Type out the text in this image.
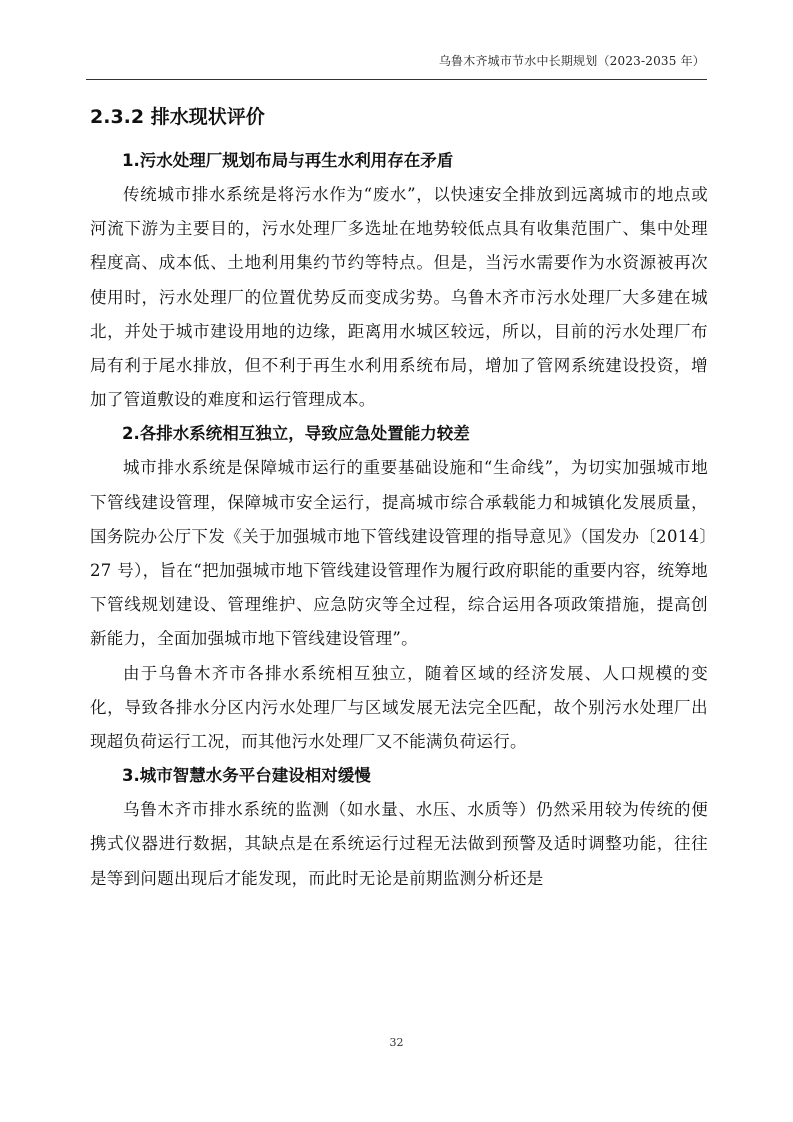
乌鲁木齐城市节水中长期规划（2023-2035 年）
2.3.2 排水现状评价
1.污水处理厂规划布局与再生水利用存在矛盾

传统城市排水系统是将污水作为“废水”，以快速安全排放到远离城市的地点或河流下游为主要目的，污水处理厂多选址在地势较低点具有收集范围广、集中处理程度高、成本低、土地利用集约节约等特点。但是，当污水需要作为水资源被再次使用时，污水处理厂的位置优势反而变成劣势。乌鲁木齐市污水处理厂大多建在城北，并处于城市建设用地的边缘，距离用水城区较远，所以，目前的污水处理厂布局有利于尾水排放，但不利于再生水利用系统布局，增加了管网系统建设投资，增加了管道敷设的难度和运行管理成本。

2.各排水系统相互独立，导致应急处置能力较差

城市排水系统是保障城市运行的重要基础设施和“生命线”，为切实加强城市地下管线建设管理，保障城市安全运行，提高城市综合承载能力和城镇化发展质量，国务院办公厅下发《关于加强城市地下管线建设管理的指导意见》（国发办〔2014〕27 号），旨在“把加强城市地下管线建设管理作为履行政府职能的重要内容，统筹地下管线规划建设、管理维护、应急防灾等全过程，综合运用各项政策措施，提高创新能力，全面加强城市地下管线建设管理”。

由于乌鲁木齐市各排水系统相互独立，随着区域的经济发展、人口规模的变化，导致各排水分区内污水处理厂与区域发展无法完全匹配，故个别污水处理厂出现超负荷运行工况，而其他污水处理厂又不能满负荷运行。

3.城市智慧水务平台建设相对缓慢

乌鲁木齐市排水系统的监测（如水量、水压、水质等）仍然采用较为传统的便携式仪器进行数据，其缺点是在系统运行过程无法做到预警及适时调整功能，往往是等到问题出现后才能发现，而此时无论是前期监测分析还是

32
